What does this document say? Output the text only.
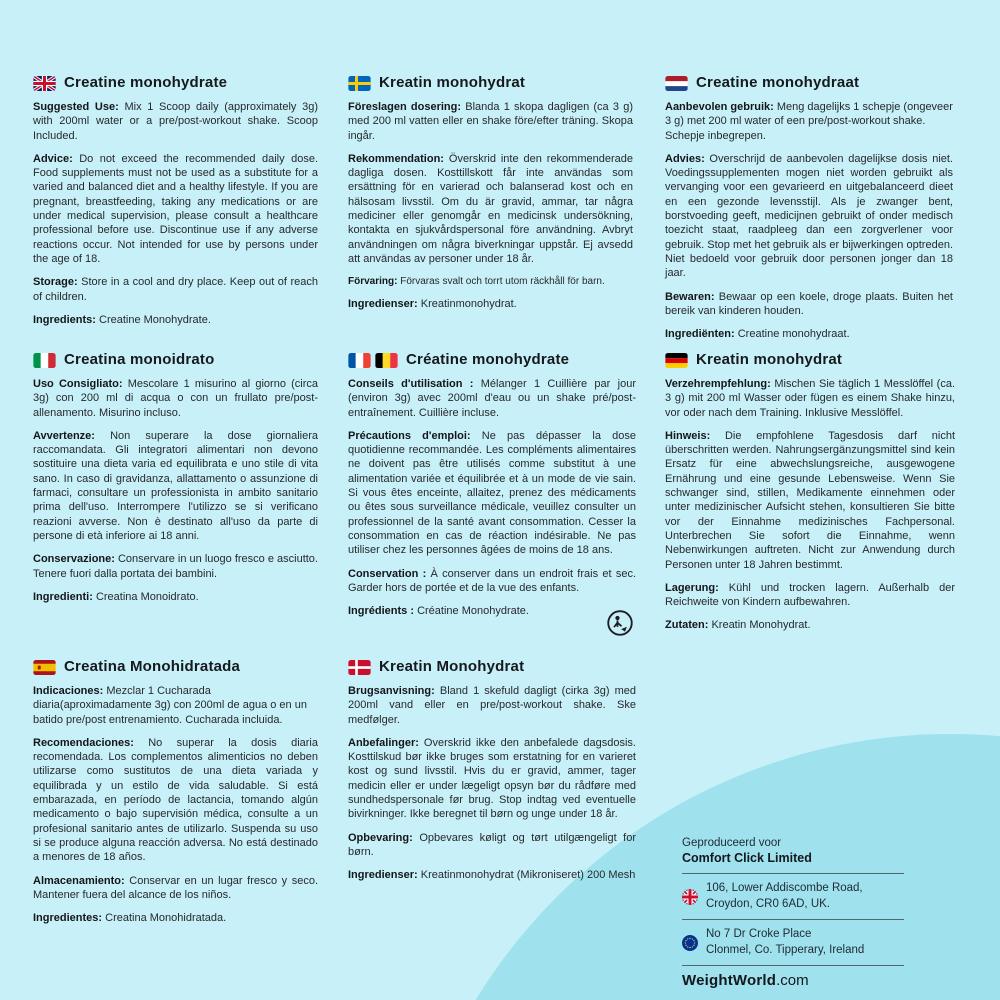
Creatine monohydrate

Suggested Use: Mix 1 Scoop daily (approximately 3g) with 200ml water or a pre/post-workout shake. Scoop Included.

Advice: Do not exceed the recommended daily dose. Food supplements must not be used as a substitute for a varied and balanced diet and a healthy lifestyle. If you are pregnant, breastfeeding, taking any medications or are under medical supervision, please consult a healthcare professional before use. Discontinue use if any adverse reactions occur. Not intended for use by persons under the age of 18.

Storage: Store in a cool and dry place. Keep out of reach of children.

Ingredients: Creatine Monohydrate.

Kreatin monohydrat

Föreslagen dosering: Blanda 1 skopa dagligen (ca 3 g) med 200 ml vatten eller en shake före/efter träning. Skopa ingår.

Rekommendation: Överskrid inte den rekommenderade dagliga dosen. Kosttillskott får inte användas som ersättning för en varierad och balanserad kost och en hälsosam livsstil. Om du är gravid, ammar, tar några mediciner eller genomgår en medicinsk undersökning, kontakta en sjukvårdspersonal före användning. Avbryt användningen om några biverkningar uppstår. Ej avsedd att användas av personer under 18 år.

Förvaring: Förvaras svalt och torrt utom räckhåll för barn.

Ingredienser: Kreatinmonohydrat.

Creatine monohydraat

Aanbevolen gebruik: Meng dagelijks 1 schepje (ongeveer 3 g) met 200 ml water of een pre/post-workout shake. Schepje inbegrepen.

Advies: Overschrijd de aanbevolen dagelijkse dosis niet. Voedingssupplementen mogen niet worden gebruikt als vervanging voor een gevarieerd en uitgebalanceerd dieet en een gezonde levensstijl. Als je zwanger bent, borstvoeding geeft, medicijnen gebruikt of onder medisch toezicht staat, raadpleeg dan een zorgverlener voor gebruik. Stop met het gebruik als er bijwerkingen optreden. Niet bedoeld voor gebruik door personen jonger dan 18 jaar.

Bewaren: Bewaar op een koele, droge plaats. Buiten het bereik van kinderen houden.

Ingrediënten: Creatine monohydraat.

Creatina monoidrato

Uso Consigliato: Mescolare 1 misurino al giorno (circa 3g) con 200 ml di acqua o con un frullato pre/post-allenamento. Misurino incluso.

Avvertenze: Non superare la dose giornaliera raccomandata. Gli integratori alimentari non devono sostituire una dieta varia ed equilibrata e uno stile di vita sano. In caso di gravidanza, allattamento o assunzione di farmaci, consultare un professionista in ambito sanitario prima dell'uso. Interrompere l'utilizzo se si verificano reazioni avverse. Non è destinato all'uso da parte di persone di età inferiore ai 18 anni.

Conservazione: Conservare in un luogo fresco e asciutto. Tenere fuori dalla portata dei bambini.

Ingredienti: Creatina Monoidrato.

Créatine monohydrate

Conseils d'utilisation : Mélanger 1 Cuillière par jour (environ 3g) avec 200ml d'eau ou un shake pré/post-entraînement. Cuillière incluse.

Précautions d'emploi: Ne pas dépasser la dose quotidienne recommandée. Les compléments alimentaires ne doivent pas être utilisés comme substitut à une alimentation variée et équilibrée et à un mode de vie sain. Si vous êtes enceinte, allaitez, prenez des médicaments ou êtes sous surveillance médicale, veuillez consulter un professionnel de la santé avant consommation. Cesser la consommation en cas de réaction indésirable. Ne pas utiliser chez les personnes âgées de moins de 18 ans.

Conservation : À conserver dans un endroit frais et sec. Garder hors de portée et de la vue des enfants.

Ingrédients : Créatine Monohydrate.

Kreatin monohydrat

Verzehrempfehlung: Mischen Sie täglich 1 Messlöffel (ca. 3 g) mit 200 ml Wasser oder fügen es einem Shake hinzu, vor oder nach dem Training. Inklusive Messlöffel.

Hinweis: Die empfohlene Tagesdosis darf nicht überschritten werden. Nahrungsergänzungsmittel sind kein Ersatz für eine abwechslungsreiche, ausgewogene Ernährung und eine gesunde Lebensweise. Wenn Sie schwanger sind, stillen, Medikamente einnehmen oder unter medizinischer Aufsicht stehen, konsultieren Sie bitte vor der Einnahme medizinisches Fachpersonal. Unterbrechen Sie sofort die Einnahme, wenn Nebenwirkungen auftreten. Nicht zur Anwendung durch Personen unter 18 Jahren bestimmt.

Lagerung: Kühl und trocken lagern. Außerhalb der Reichweite von Kindern aufbewahren.

Zutaten: Kreatin Monohydrat.

Creatina Monohidratada

Indicaciones: Mezclar 1 Cucharada diaria(aproximadamente 3g) con 200ml de agua o en un batido pre/post entrenamiento. Cucharada incluida.

Recomendaciones: No superar la dosis diaria recomendada. Los complementos alimenticios no deben utilizarse como sustitutos de una dieta variada y equilibrada y un estilo de vida saludable. Si está embarazada, en período de lactancia, tomando algún medicamento o bajo supervisión médica, consulte a un profesional sanitario antes de utilizarlo. Suspenda su uso si se produce alguna reacción adversa. No está destinado a menores de 18 años.

Almacenamiento: Conservar en un lugar fresco y seco. Mantener fuera del alcance de los niños.

Ingredientes: Creatina Monohidratada.

Kreatin Monohydrat

Brugsanvisning: Bland 1 skefuld dagligt (cirka 3g) med 200ml vand eller en pre/post-workout shake. Ske medfølger.

Anbefalinger: Overskrid ikke den anbefalede dagsdosis. Kosttilskud bør ikke bruges som erstatning for en varieret kost og sund livsstil. Hvis du er gravid, ammer, tager medicin eller er under lægeligt opsyn bør du rådføre med sundhedspersonale før brug. Stop indtag ved eventuelle bivirkninger. Ikke beregnet til børn og unge under 18 år.

Opbevaring: Opbevares køligt og tørt utilgængeligt for børn.

Ingredienser: Kreatinmonohydrat (Mikroniseret) 200 Mesh

Geproduceerd voor
Comfort Click Limited
106, Lower Addiscombe Road,
Croydon, CR0 6AD, UK.
No 7 Dr Croke Place
Clonmel, Co. Tipperary, Ireland
WeightWorld.com
